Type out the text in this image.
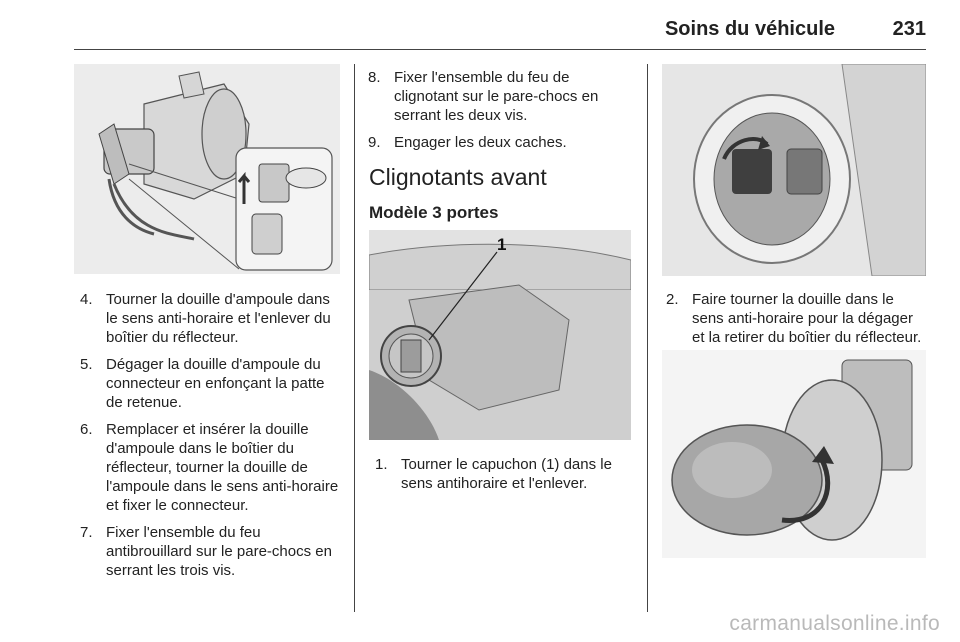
Soins du véhicule	231
4. Tourner la douille d'ampoule dans le sens anti-horaire et l'enlever du boîtier du réflecteur.
5. Dégager la douille d'ampoule du connecteur en enfonçant la patte de retenue.
6. Remplacer et insérer la douille d'ampoule dans le boîtier du réflecteur, tourner la douille de l'ampoule dans le sens anti-horaire et fixer le connecteur.
7. Fixer l'ensemble du feu antibrouillard sur le pare-chocs en serrant les trois vis.
8. Fixer l'ensemble du feu de clignotant sur le pare-chocs en serrant les deux vis.
9. Engager les deux caches.
Clignotants avant
Modèle 3 portes
1
1. Tourner le capuchon (1) dans le sens antihoraire et l'enlever.
2. Faire tourner la douille dans le sens anti-horaire pour la dégager et la retirer du boîtier du réflecteur.
carmanualsonline.info
